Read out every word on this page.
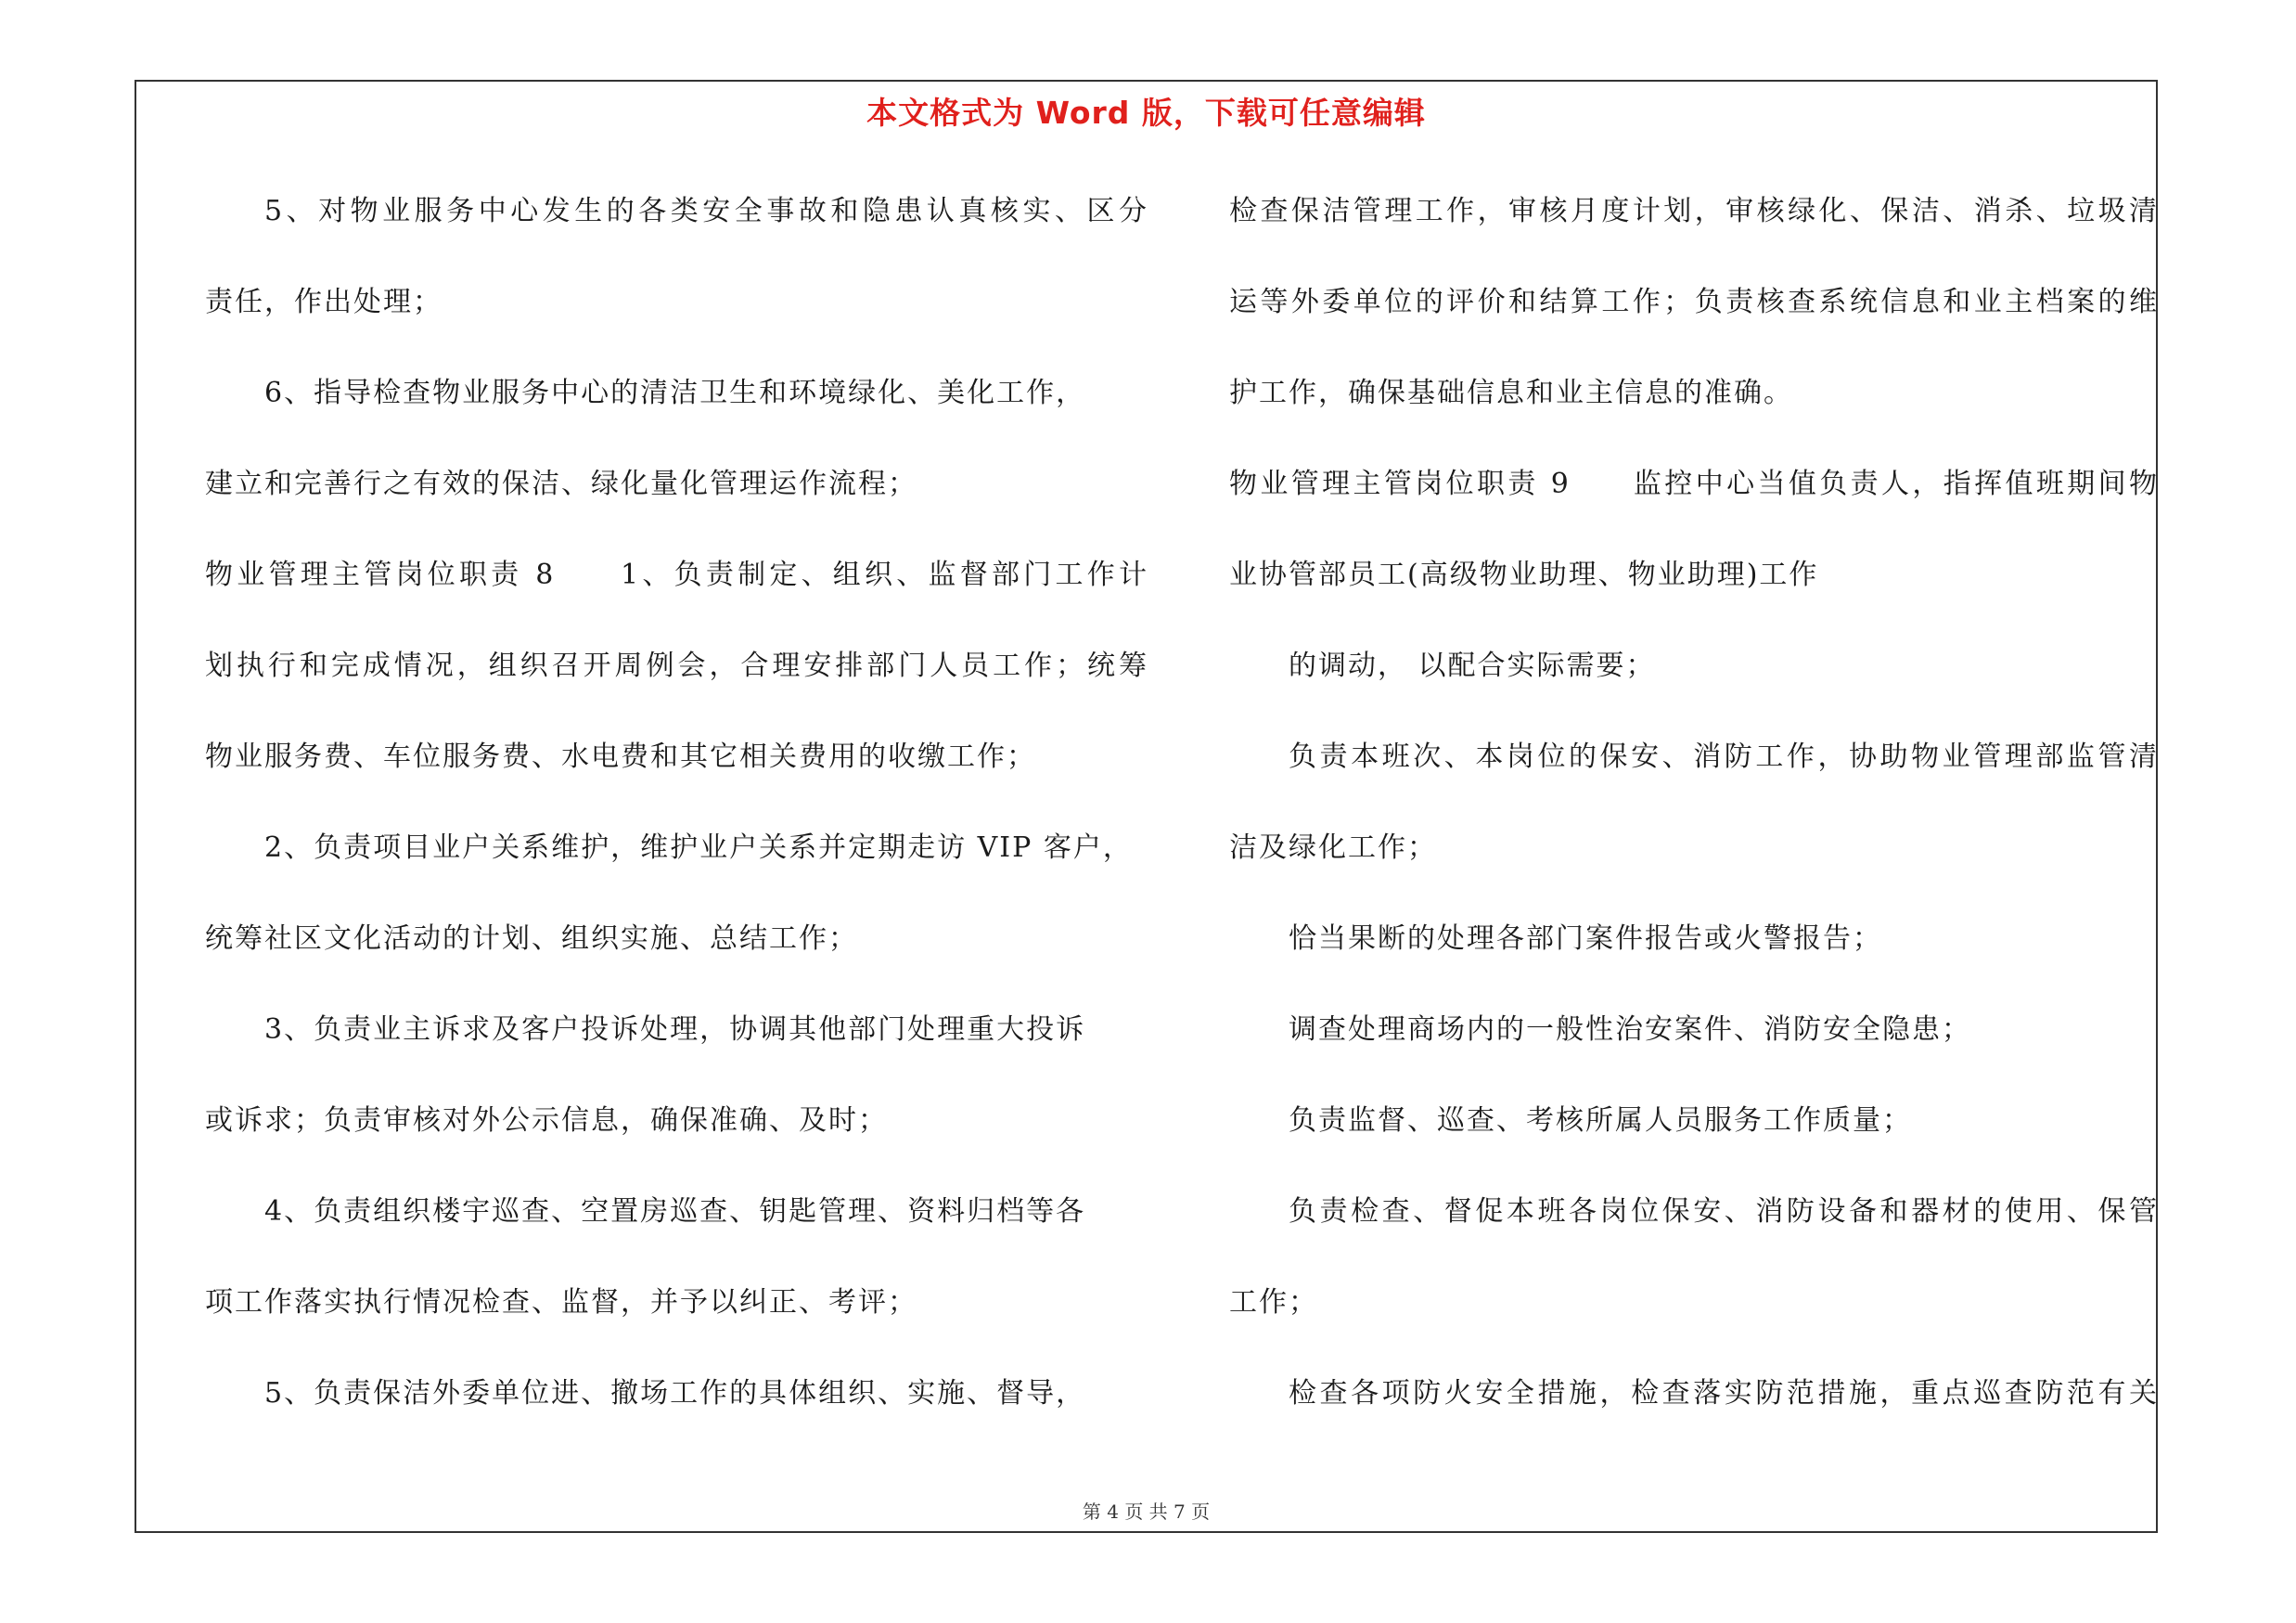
本文格式为 Word 版，下载可任意编辑
5、对物业服务中心发生的各类安全事故和隐患认真核实、区分
责任，作出处理；
6、指导检查物业服务中心的清洁卫生和环境绿化、美化工作，
建立和完善行之有效的保洁、绿化量化管理运作流程；
物业管理主管岗位职责 8　　1、负责制定、组织、监督部门工作计
划执行和完成情况，组织召开周例会，合理安排部门人员工作；统筹
物业服务费、车位服务费、水电费和其它相关费用的收缴工作；
2、负责项目业户关系维护，维护业户关系并定期走访 VIP 客户，
统筹社区文化活动的计划、组织实施、总结工作；
3、负责业主诉求及客户投诉处理，协调其他部门处理重大投诉
或诉求；负责审核对外公示信息，确保准确、及时；
4、负责组织楼宇巡查、空置房巡查、钥匙管理、资料归档等各
项工作落实执行情况检查、监督，并予以纠正、考评；
5、负责保洁外委单位进、撤场工作的具体组织、实施、督导，
检查保洁管理工作，审核月度计划，审核绿化、保洁、消杀、垃圾清
运等外委单位的评价和结算工作；负责核查系统信息和业主档案的维
护工作，确保基础信息和业主信息的准确。
物业管理主管岗位职责 9　　监控中心当值负责人，指挥值班期间物
业协管部员工(高级物业助理、物业助理)工作
的调动， 以配合实际需要；
负责本班次、本岗位的保安、消防工作，协助物业管理部监管清
洁及绿化工作；
恰当果断的处理各部门案件报告或火警报告；
调查处理商场内的一般性治安案件、消防安全隐患；
负责监督、巡查、考核所属人员服务工作质量；
负责检查、督促本班各岗位保安、消防设备和器材的使用、保管
工作；
检查各项防火安全措施，检查落实防范措施，重点巡查防范有关
第 4 页 共 7 页
